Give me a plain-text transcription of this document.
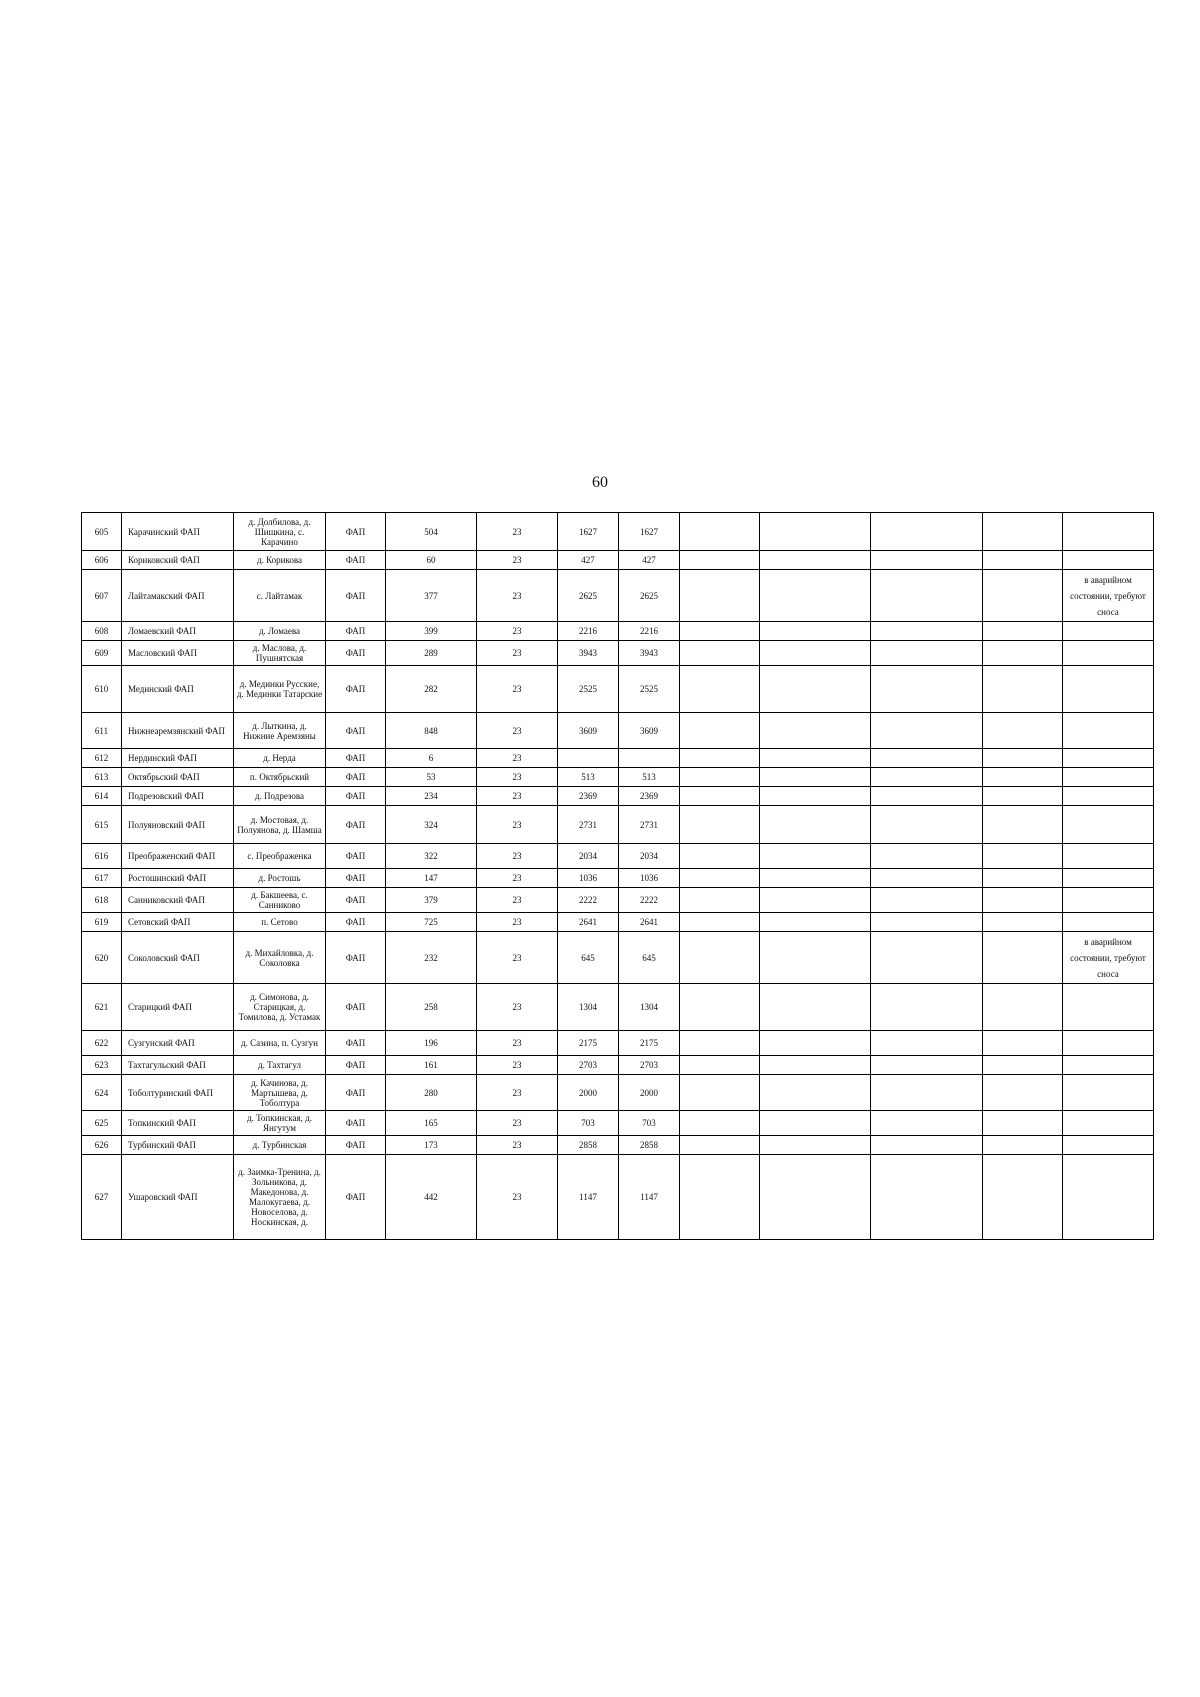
60
605	Карачинский ФАП	д. Долбилова, д. Шишкина, с. Карачино	ФАП	504	23	1627	1627					
606	Кориковский ФАП	д. Корикова	ФАП	60	23	427	427					
607	Лайтамакский ФАП	с. Лайтамак	ФАП	377	23	2625	2625					в аварийном состоянии, требуют сноса
608	Ломаевский ФАП	д. Ломаева	ФАП	399	23	2216	2216					
609	Масловский ФАП	д. Маслова, д. Пушнятская	ФАП	289	23	3943	3943					
610	Мединский ФАП	д. Мединки Русские, д. Мединки Татарские	ФАП	282	23	2525	2525					
611	Нижнеаремзянский ФАП	д. Лыткина, д. Нижние Аремзяны	ФАП	848	23	3609	3609					
612	Нердинский ФАП	д. Нерда	ФАП	6	23							
613	Октябрьский ФАП	п. Октябрьский	ФАП	53	23	513	513					
614	Подрезовский ФАП	д. Подрезова	ФАП	234	23	2369	2369					
615	Полуяновский ФАП	д. Мостовая, д. Полуянова, д. Шамша	ФАП	324	23	2731	2731					
616	Преображенский ФАП	с. Преображенка	ФАП	322	23	2034	2034					
617	Ростошинский ФАП	д. Ростошь	ФАП	147	23	1036	1036					
618	Санниковский ФАП	д. Бакшеева, с. Санниково	ФАП	379	23	2222	2222					
619	Сетовский ФАП	п. Сетово	ФАП	725	23	2641	2641					
620	Соколовский ФАП	д. Михайловка, д. Соколовка	ФАП	232	23	645	645					в аварийном состоянии, требуют сноса
621	Старицкий ФАП	д. Симонова, д. Старицкая, д. Томилова, д. Устамак	ФАП	258	23	1304	1304					
622	Сузгунский ФАП	д. Сазина, п. Сузгун	ФАП	196	23	2175	2175					
623	Тахтагульский ФАП	д. Тахтагул	ФАП	161	23	2703	2703					
624	Тоболтуринский ФАП	д. Качинова, д. Мартышева, д. Тоболтура	ФАП	280	23	2000	2000					
625	Топкинский ФАП	д. Топкинская, д. Янгутум	ФАП	165	23	703	703					
626	Турбинский ФАП	д. Турбинская	ФАП	173	23	2858	2858					
627	Ушаровский ФАП	д. Заимка-Тренина, д. Зольникова, д. Македонова, д. Малокугаева, д. Новоселова, д. Носкинская, д.	ФАП	442	23	1147	1147					
